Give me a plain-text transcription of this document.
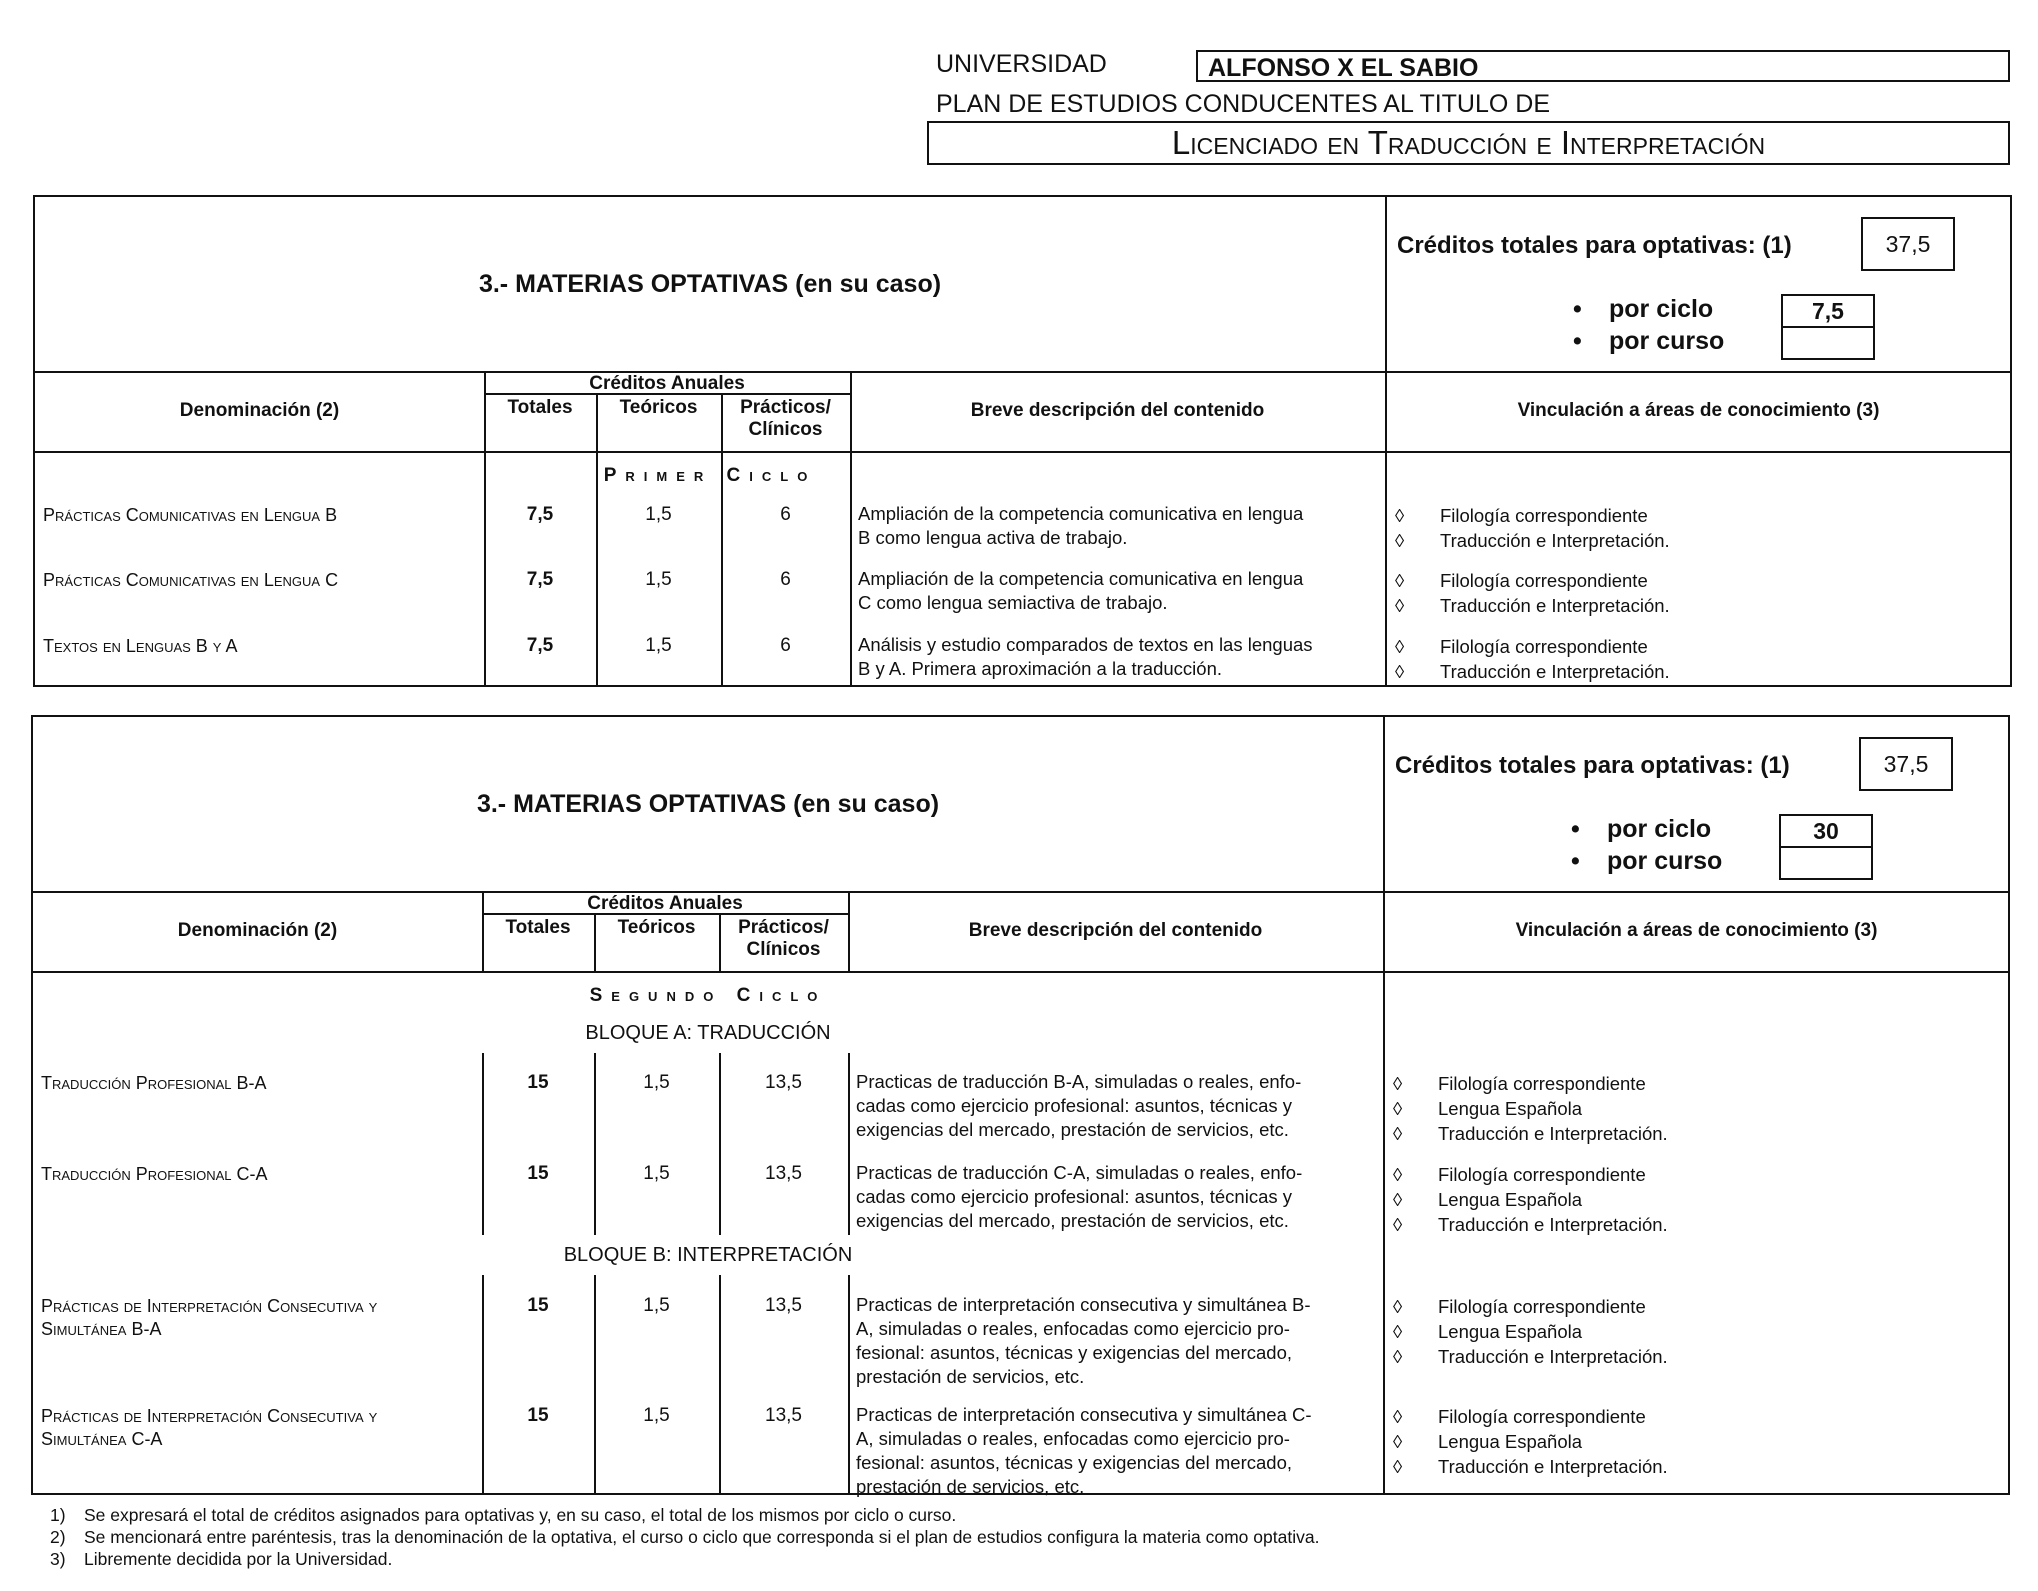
UNIVERSIDAD	ALFONSO X EL SABIO
PLAN DE ESTUDIOS CONDUCENTES AL TITULO DE
Licenciado en Traducción e Interpretación
3.- MATERIAS OPTATIVAS (en su caso)
Créditos totales para optativas: (1)	37,5
• por ciclo	7,5
• por curso
Denominación (2)
Créditos Anuales
Totales	Teóricos	Prácticos/
Clínicos
Breve descripción del contenido	Vinculación a áreas de conocimiento (3)
Primer Ciclo
Prácticas Comunicativas en Lengua B	7,5	1,5	6	Ampliación de la competencia comunicativa en lengua
B como lengua activa de trabajo.
◊ Filología correspondiente
◊ Traducción e Interpretación.
Prácticas Comunicativas en Lengua C	7,5	1,5	6	Ampliación de la competencia comunicativa en lengua
C como lengua semiactiva de trabajo.
◊ Filología correspondiente
◊ Traducción e Interpretación.
Textos en Lenguas B y A	7,5	1,5	6	Análisis y estudio comparados de textos en las lenguas
B y A. Primera aproximación a la traducción.
◊ Filología correspondiente
◊ Traducción e Interpretación.
3.- MATERIAS OPTATIVAS (en su caso)
Créditos totales para optativas: (1)	37,5
• por ciclo	30
• por curso
Denominación (2)
Créditos Anuales
Totales	Teóricos	Prácticos/
Clínicos
Breve descripción del contenido	Vinculación a áreas de conocimiento (3)
Segundo Ciclo
BLOQUE A: TRADUCCIÓN
BLOQUE B: INTERPRETACIÓN
Traducción Profesional B-A	15	1,5	13,5	Practicas de traducción B-A, simuladas o reales, enfo-
cadas como ejercicio profesional: asuntos, técnicas y
exigencias del mercado, prestación de servicios, etc.
◊ Filología correspondiente
◊ Lengua Española
◊ Traducción e Interpretación.
Traducción Profesional C-A	15	1,5	13,5	Practicas de traducción C-A, simuladas o reales, enfo-
cadas como ejercicio profesional: asuntos, técnicas y
exigencias del mercado, prestación de servicios, etc.
◊ Filología correspondiente
◊ Lengua Española
◊ Traducción e Interpretación.
Prácticas de Interpretación Consecutiva y
Simultánea B-A
15	1,5	13,5	Practicas de interpretación consecutiva y simultánea B-
A, simuladas o reales, enfocadas como ejercicio pro-
fesional: asuntos, técnicas y exigencias del mercado,
prestación de servicios, etc.
◊ Filología correspondiente
◊ Lengua Española
◊ Traducción e Interpretación.
Prácticas de Interpretación Consecutiva y
Simultánea C-A
15	1,5	13,5	Practicas de interpretación consecutiva y simultánea C-
A, simuladas o reales, enfocadas como ejercicio pro-
fesional: asuntos, técnicas y exigencias del mercado,
prestación de servicios, etc.
◊ Filología correspondiente
◊ Lengua Española
◊ Traducción e Interpretación.
1) Se expresará el total de créditos asignados para optativas y, en su caso, el total de los mismos por ciclo o curso.
2) Se mencionará entre paréntesis, tras la denominación de la optativa, el curso o ciclo que corresponda si el plan de estudios configura la materia como optativa.
3) Libremente decidida por la Universidad.
